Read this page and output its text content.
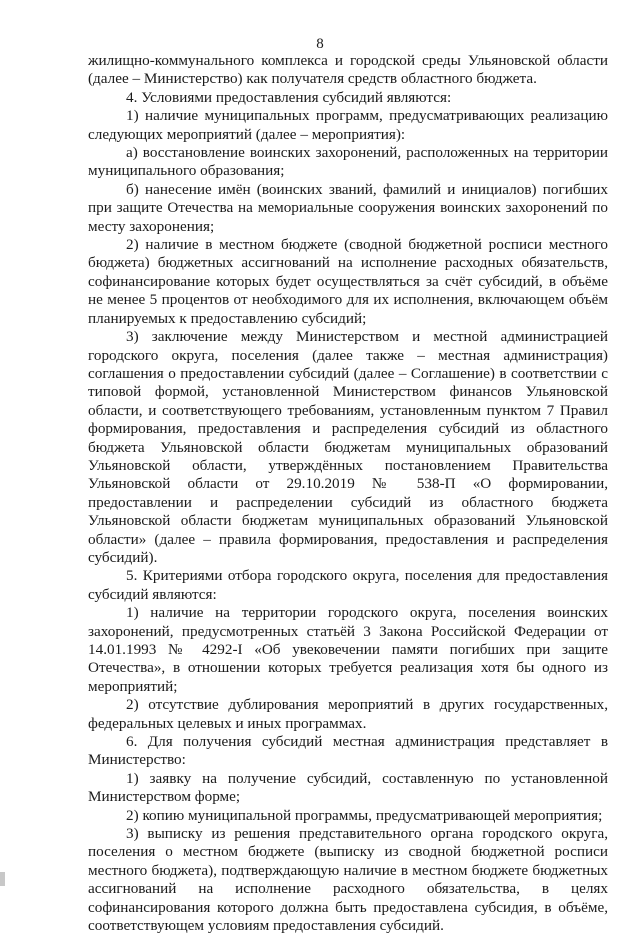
8

жилищно-коммунального комплекса и городской среды Ульяновской области (далее – Министерство) как получателя средств областного бюджета.

4. Условиями предоставления субсидий являются:

1) наличие муниципальных программ, предусматривающих реализацию следующих мероприятий (далее – мероприятия):

а) восстановление воинских захоронений, расположенных на территории муниципального образования;

б) нанесение имён (воинских званий, фамилий и инициалов) погибших при защите Отечества на мемориальные сооружения воинских захоронений по месту захоронения;

2) наличие в местном бюджете (сводной бюджетной росписи местного бюджета) бюджетных ассигнований на исполнение расходных обязательств, софинансирование которых будет осуществляться за счёт субсидий, в объёме не менее 5 процентов от необходимого для их исполнения, включающем объём планируемых к предоставлению субсидий;

3) заключение между Министерством и местной администрацией городского округа, поселения (далее также – местная администрация) соглашения о предоставлении субсидий (далее – Соглашение) в соответствии с типовой формой, установленной Министерством финансов Ульяновской области, и соответствующего требованиям, установленным пунктом 7 Правил формирования, предоставления и распределения субсидий из областного бюджета Ульяновской области бюджетам муниципальных образований Ульяновской области, утверждённых постановлением Правительства Ульяновской области от 29.10.2019 № 538-П «О формировании, предоставлении и распределении субсидий из областного бюджета Ульяновской области бюджетам муниципальных образований Ульяновской области» (далее – правила формирования, предоставления и распределения субсидий).

5. Критериями отбора городского округа, поселения для предоставления субсидий являются:

1) наличие на территории городского округа, поселения воинских захоронений, предусмотренных статьёй 3 Закона Российской Федерации от 14.01.1993 № 4292-I «Об увековечении памяти погибших при защите Отечества», в отношении которых требуется реализация хотя бы одного из мероприятий;

2) отсутствие дублирования мероприятий в других государственных, федеральных целевых и иных программах.

6. Для получения субсидий местная администрация представляет в Министерство:

1) заявку на получение субсидий, составленную по установленной Министерством форме;

2) копию муниципальной программы, предусматривающей мероприятия;

3) выписку из решения представительного органа городского округа, поселения о местном бюджете (выписку из сводной бюджетной росписи местного бюджета), подтверждающую наличие в местном бюджете бюджетных ассигнований на исполнение расходного обязательства, в целях софинансирования которого должна быть предоставлена субсидия, в объёме, соответствующем условиям предоставления субсидий.
